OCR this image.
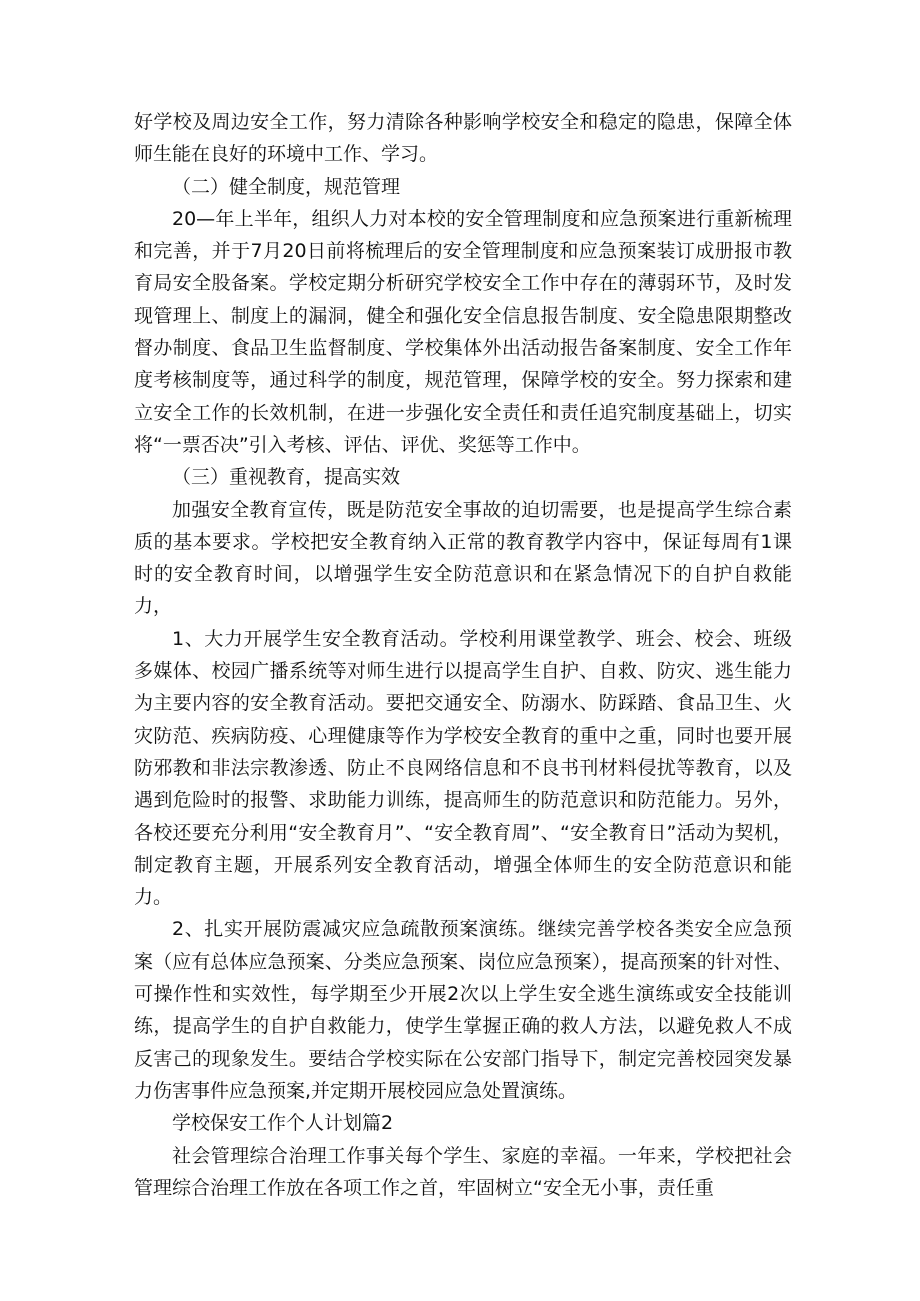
好学校及周边安全工作，努力清除各种影响学校安全和稳定的隐患，保障全体师生能在良好的环境中工作、学习。

（二）健全制度，规范管理

20—年上半年，组织人力对本校的安全管理制度和应急预案进行重新梳理和完善，并于7月20日前将梳理后的安全管理制度和应急预案装订成册报市教育局安全股备案。学校定期分析研究学校安全工作中存在的薄弱环节，及时发现管理上、制度上的漏洞，健全和强化安全信息报告制度、安全隐患限期整改督办制度、食品卫生监督制度、学校集体外出活动报告备案制度、安全工作年度考核制度等，通过科学的制度，规范管理，保障学校的安全。努力探索和建立安全工作的长效机制，在进一步强化安全责任和责任追究制度基础上，切实将“一票否决”引入考核、评估、评优、奖惩等工作中。

（三）重视教育，提高实效

加强安全教育宣传，既是防范安全事故的迫切需要，也是提高学生综合素质的基本要求。学校把安全教育纳入正常的教育教学内容中，保证每周有1课时的安全教育时间，以增强学生安全防范意识和在紧急情况下的自护自救能力，

1、大力开展学生安全教育活动。学校利用课堂教学、班会、校会、班级多媒体、校园广播系统等对师生进行以提高学生自护、自救、防灾、逃生能力为主要内容的安全教育活动。要把交通安全、防溺水、防踩踏、食品卫生、火灾防范、疾病防疫、心理健康等作为学校安全教育的重中之重，同时也要开展防邪教和非法宗教渗透、防止不良网络信息和不良书刊材料侵扰等教育，以及遇到危险时的报警、求助能力训练，提高师生的防范意识和防范能力。另外，各校还要充分利用“安全教育月”、“安全教育周”、“安全教育日”活动为契机，制定教育主题，开展系列安全教育活动，增强全体师生的安全防范意识和能力。

2、扎实开展防震减灾应急疏散预案演练。继续完善学校各类安全应急预案（应有总体应急预案、分类应急预案、岗位应急预案），提高预案的针对性、可操作性和实效性，每学期至少开展2次以上学生安全逃生演练或安全技能训练，提高学生的自护自救能力，使学生掌握正确的救人方法，以避免救人不成反害己的现象发生。要结合学校实际在公安部门指导下，制定完善校园突发暴力伤害事件应急预案,并定期开展校园应急处置演练。

学校保安工作个人计划篇2

社会管理综合治理工作事关每个学生、家庭的幸福。一年来，学校把社会管理综合治理工作放在各项工作之首，牢固树立“安全无小事，责任重
